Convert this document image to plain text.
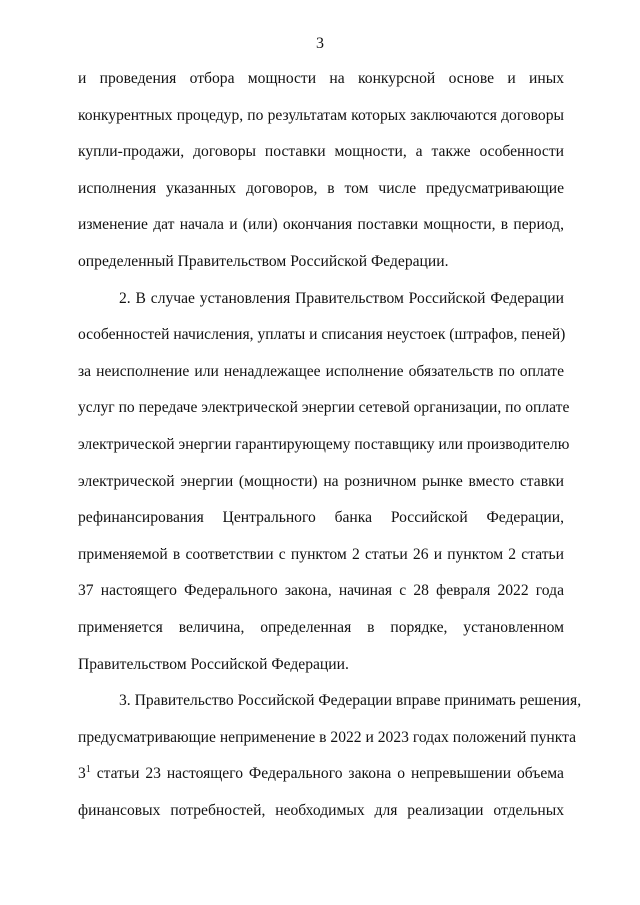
3
и проведения отбора мощности на конкурсной основе и иных
конкурентных процедур, по результатам которых заключаются договоры
купли-продажи, договоры поставки мощности, а также особенности
исполнения указанных договоров, в том числе предусматривающие
изменение дат начала и (или) окончания поставки мощности, в период,
определенный Правительством Российской Федерации.
2. В случае установления Правительством Российской Федерации
особенностей начисления, уплаты и списания неустоек (штрафов, пеней)
за неисполнение или ненадлежащее исполнение обязательств по оплате
услуг по передаче электрической энергии сетевой организации, по оплате
электрической энергии гарантирующему поставщику или производителю
электрической энергии (мощности) на розничном рынке вместо ставки
рефинансирования Центрального банка Российской Федерации,
применяемой в соответствии с пунктом 2 статьи 26 и пунктом 2 статьи
37 настоящего Федерального закона, начиная с 28 февраля 2022 года
применяется величина, определенная в порядке, установленном
Правительством Российской Федерации.
3. Правительство Российской Федерации вправе принимать решения,
предусматривающие неприменение в 2022 и 2023 годах положений пункта
$3^1$ статьи 23 настоящего Федерального закона о непревышении объема
финансовых потребностей, необходимых для реализации отдельных
